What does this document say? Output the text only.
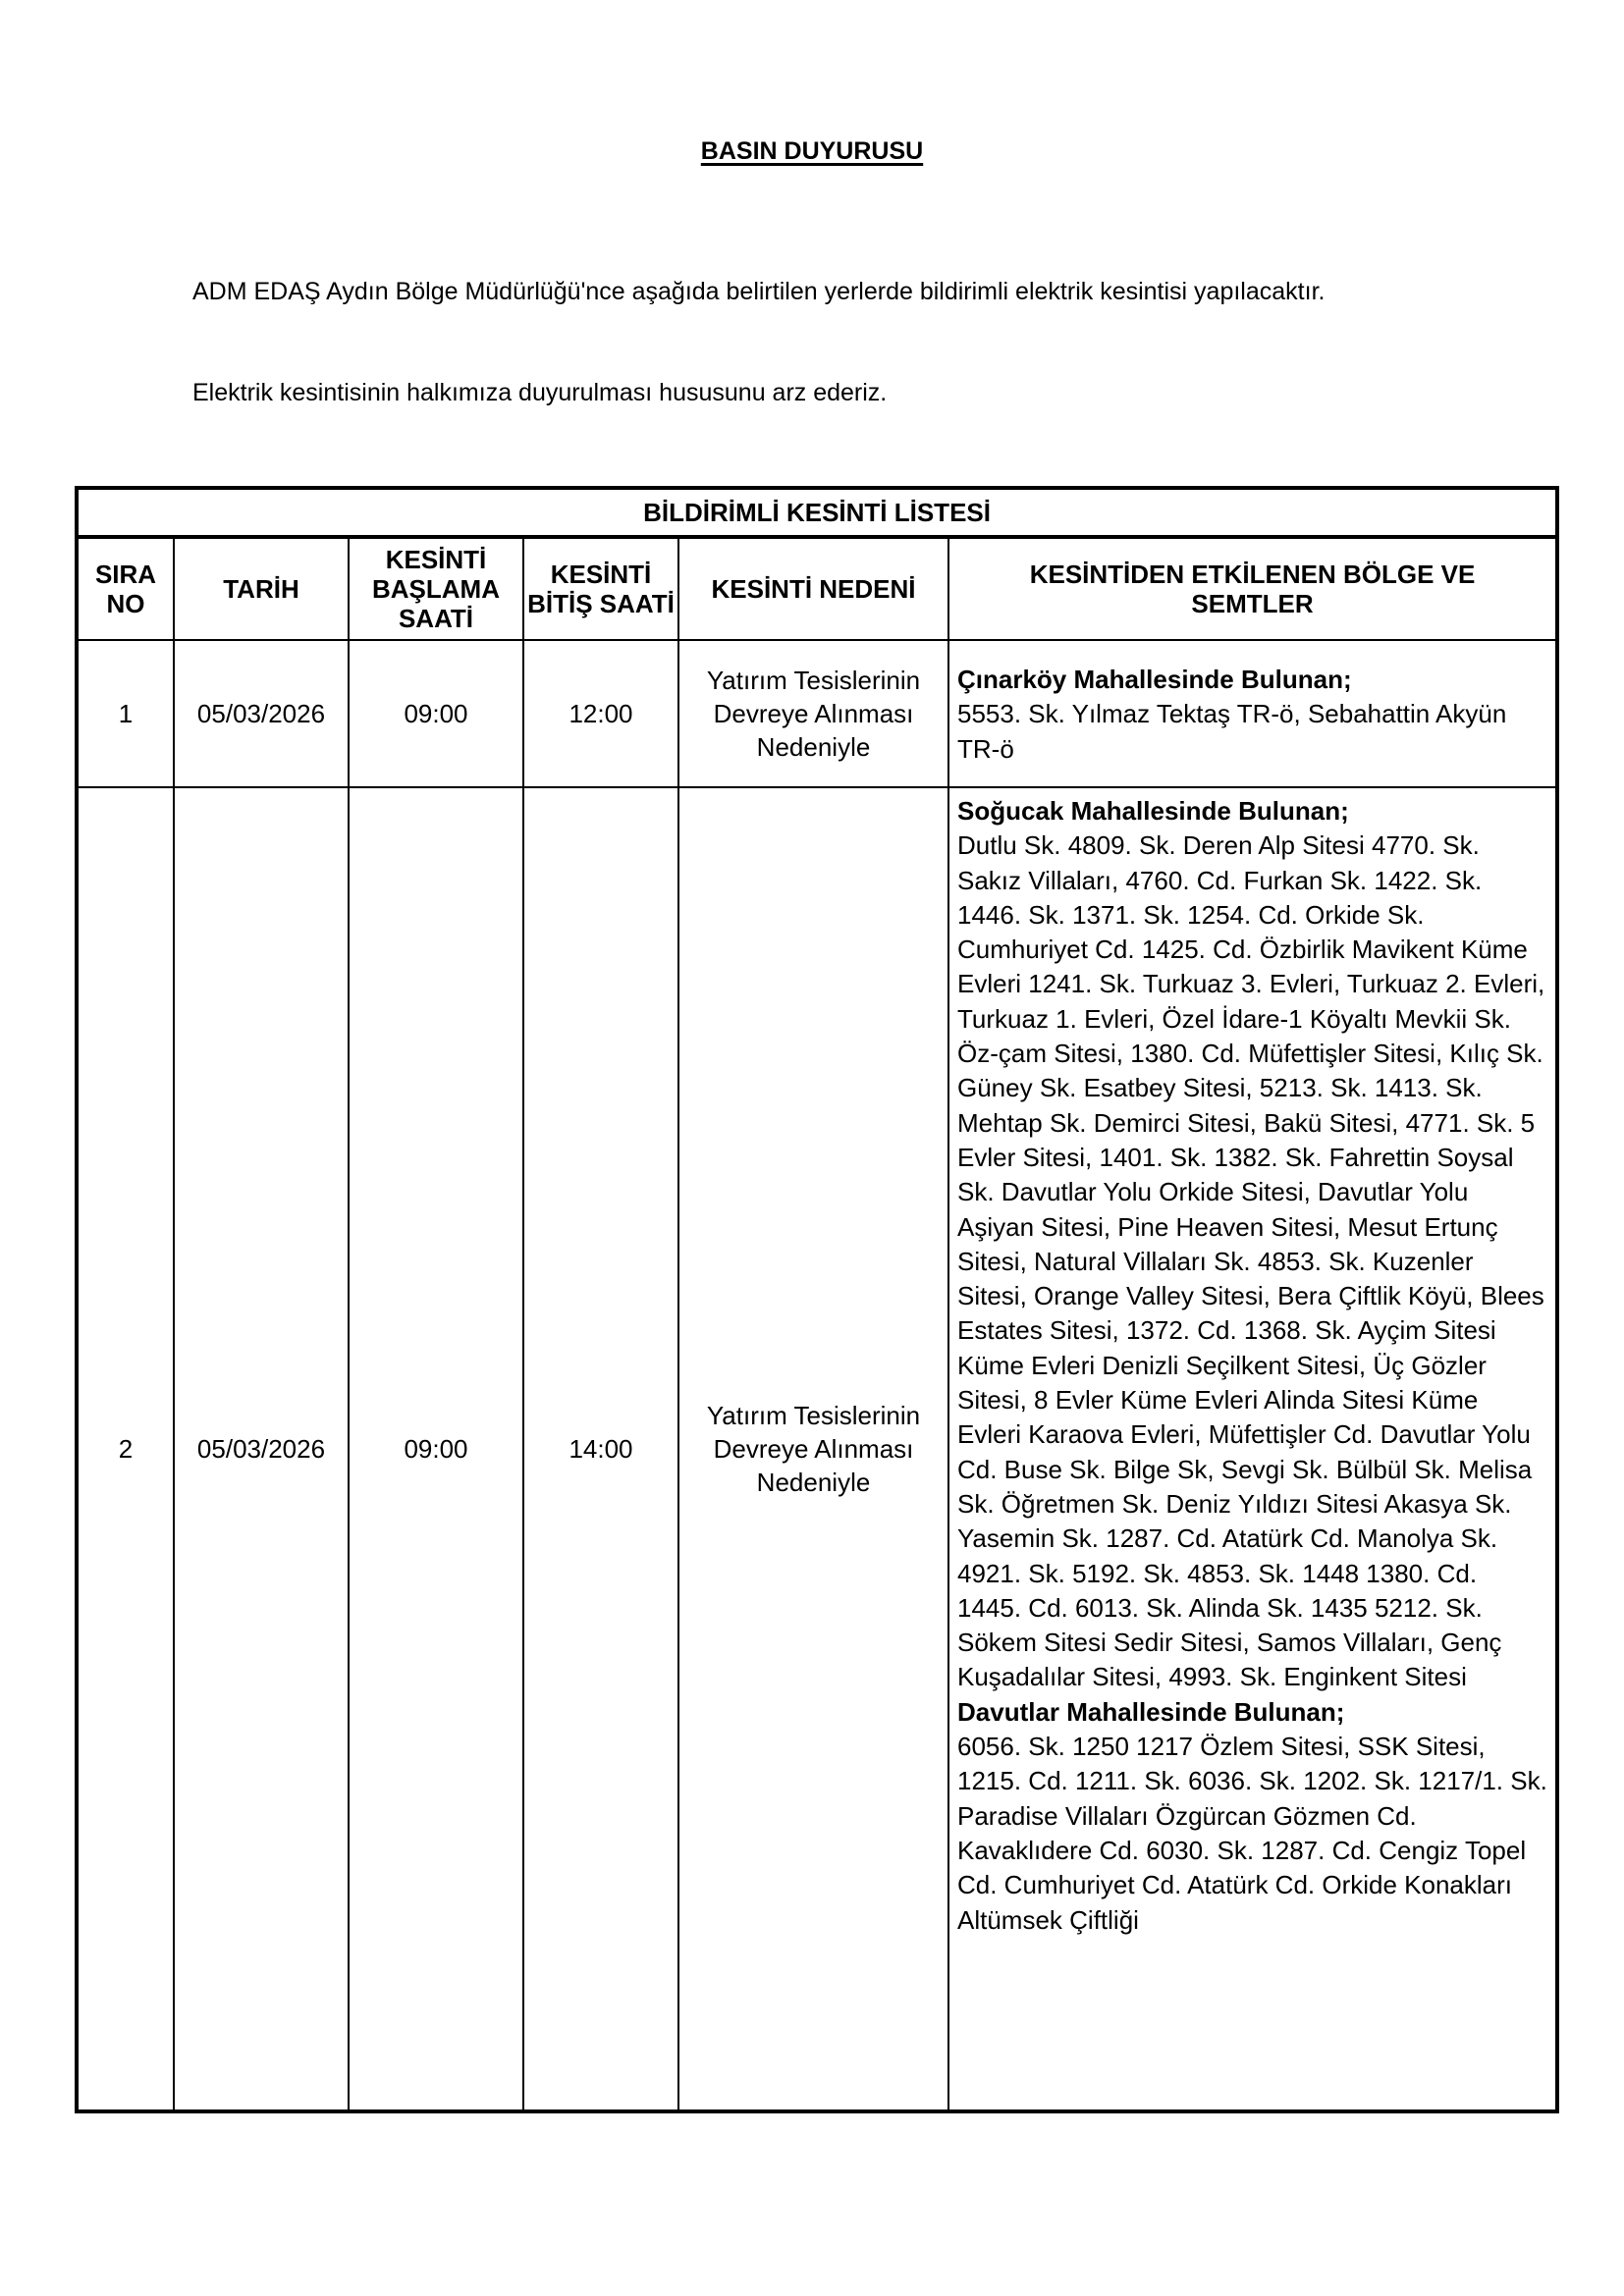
BASIN DUYURUSU
ADM EDAŞ Aydın Bölge Müdürlüğü'nce aşağıda belirtilen yerlerde bildirimli elektrik kesintisi yapılacaktır.
Elektrik kesintisinin halkımıza duyurulması hususunu arz ederiz.
BİLDİRİMLİ KESİNTİ LİSTESİ					
SIRA NO	TARİH	KESİNTİ BAŞLAMA SAATİ	KESİNTİ BİTİŞ SAATİ	KESİNTİ NEDENİ	KESİNTİDEN ETKİLENEN BÖLGE VE SEMTLER
1	05/03/2026	09:00	12:00	Yatırım Tesislerinin Devreye Alınması Nedeniyle	Çınarköy Mahallesinde Bulunan;
5553. Sk. Yılmaz Tektaş TR-ö, Sebahattin Akyün TR-ö

2	05/03/2026	09:00	14:00	Yatırım Tesislerinin Devreye Alınması Nedeniyle	Soğucak Mahallesinde Bulunan;
Dutlu Sk. 4809. Sk. Deren Alp Sitesi 4770. Sk. Sakız Villaları, 4760. Cd. Furkan Sk. 1422. Sk. 1446. Sk. 1371. Sk. 1254. Cd. Orkide Sk. Cumhuriyet Cd. 1425. Cd. Özbirlik Mavikent Küme Evleri 1241. Sk. Turkuaz 3. Evleri, Turkuaz 2. Evleri, Turkuaz 1. Evleri, Özel İdare-1 Köyaltı Mevkii Sk. Öz-çam Sitesi, 1380. Cd. Müfettişler Sitesi, Kılıç Sk. Güney Sk. Esatbey Sitesi, 5213. Sk. 1413. Sk. Mehtap Sk. Demirci Sitesi, Bakü Sitesi, 4771. Sk. 5 Evler Sitesi, 1401. Sk. 1382. Sk. Fahrettin Soysal Sk. Davutlar Yolu Orkide Sitesi, Davutlar Yolu Aşiyan Sitesi, Pine Heaven Sitesi, Mesut Ertunç Sitesi, Natural Villaları Sk. 4853. Sk. Kuzenler Sitesi, Orange Valley Sitesi, Bera Çiftlik Köyü, Blees Estates Sitesi, 1372. Cd. 1368. Sk. Ayçim Sitesi Küme Evleri Denizli Seçilkent Sitesi, Üç Gözler Sitesi, 8 Evler Küme Evleri Alinda Sitesi Küme Evleri Karaova Evleri, Müfettişler Cd. Davutlar Yolu Cd. Buse Sk. Bilge Sk, Sevgi Sk. Bülbül Sk. Melisa Sk. Öğretmen Sk. Deniz Yıldızı Sitesi Akasya Sk. Yasemin Sk. 1287. Cd. Atatürk Cd. Manolya Sk. 4921. Sk. 5192. Sk. 4853. Sk. 1448 1380. Cd. 1445. Cd. 6013. Sk. Alinda Sk. 1435 5212. Sk. Sökem Sitesi Sedir Sitesi, Samos Villaları, Genç Kuşadalılar Sitesi, 4993. Sk. Enginkent Sitesi
Davutlar Mahallesinde Bulunan;
6056. Sk. 1250 1217 Özlem Sitesi, SSK Sitesi, 1215. Cd. 1211. Sk. 6036. Sk. 1202. Sk. 1217/1. Sk. Paradise Villaları Özgürcan Gözmen Cd. Kavaklıdere Cd. 6030. Sk. 1287. Cd. Cengiz Topel Cd. Cumhuriyet Cd. Atatürk Cd. Orkide Konakları Altümsek Çiftliği
